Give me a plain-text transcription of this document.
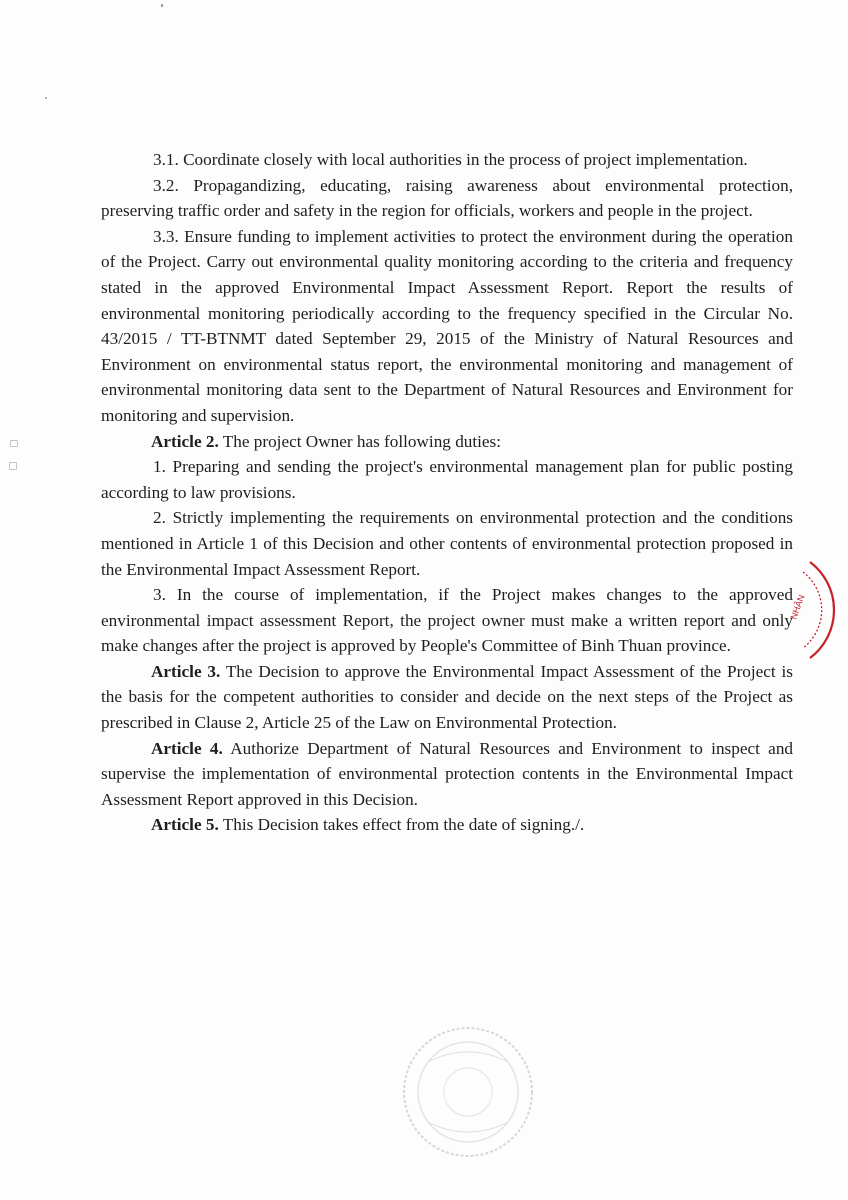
3.1. Coordinate closely with local authorities in the process of project implementation.

3.2. Propagandizing, educating, raising awareness about environmental protection, preserving traffic order and safety in the region for officials, workers and people in the project.

3.3. Ensure funding to implement activities to protect the environment during the operation of the Project. Carry out environmental quality monitoring according to the criteria and frequency stated in the approved Environmental Impact Assessment Report. Report the results of environmental monitoring periodically according to the frequency specified in the Circular No. 43/2015 / TT-BTNMT dated September 29, 2015 of the Ministry of Natural Resources and Environment on environmental status report, the environmental monitoring and management of environmental monitoring data sent to the Department of Natural Resources and Environment for monitoring and supervision.

Article 2. The project Owner has following duties:

1. Preparing and sending the project's environmental management plan for public posting according to law provisions.

2. Strictly implementing the requirements on environmental protection and the conditions mentioned in Article 1 of this Decision and other contents of environmental protection proposed in the Environmental Impact Assessment Report.

3. In the course of implementation, if the Project makes changes to the approved environmental impact assessment Report, the project owner must make a written report and only make changes after the project is approved by People's Committee of Binh Thuan province.

Article 3. The Decision to approve the Environmental Impact Assessment of the Project is the basis for the competent authorities to consider and decide on the next steps of the Project as prescribed in Clause 2, Article 25 of the Law on Environmental Protection.

Article 4. Authorize Department of Natural Resources and Environment to inspect and supervise the implementation of environmental protection contents in the Environmental Impact Assessment Report approved in this Decision.

Article 5. This Decision takes effect from the date of signing./.

NHÂN
